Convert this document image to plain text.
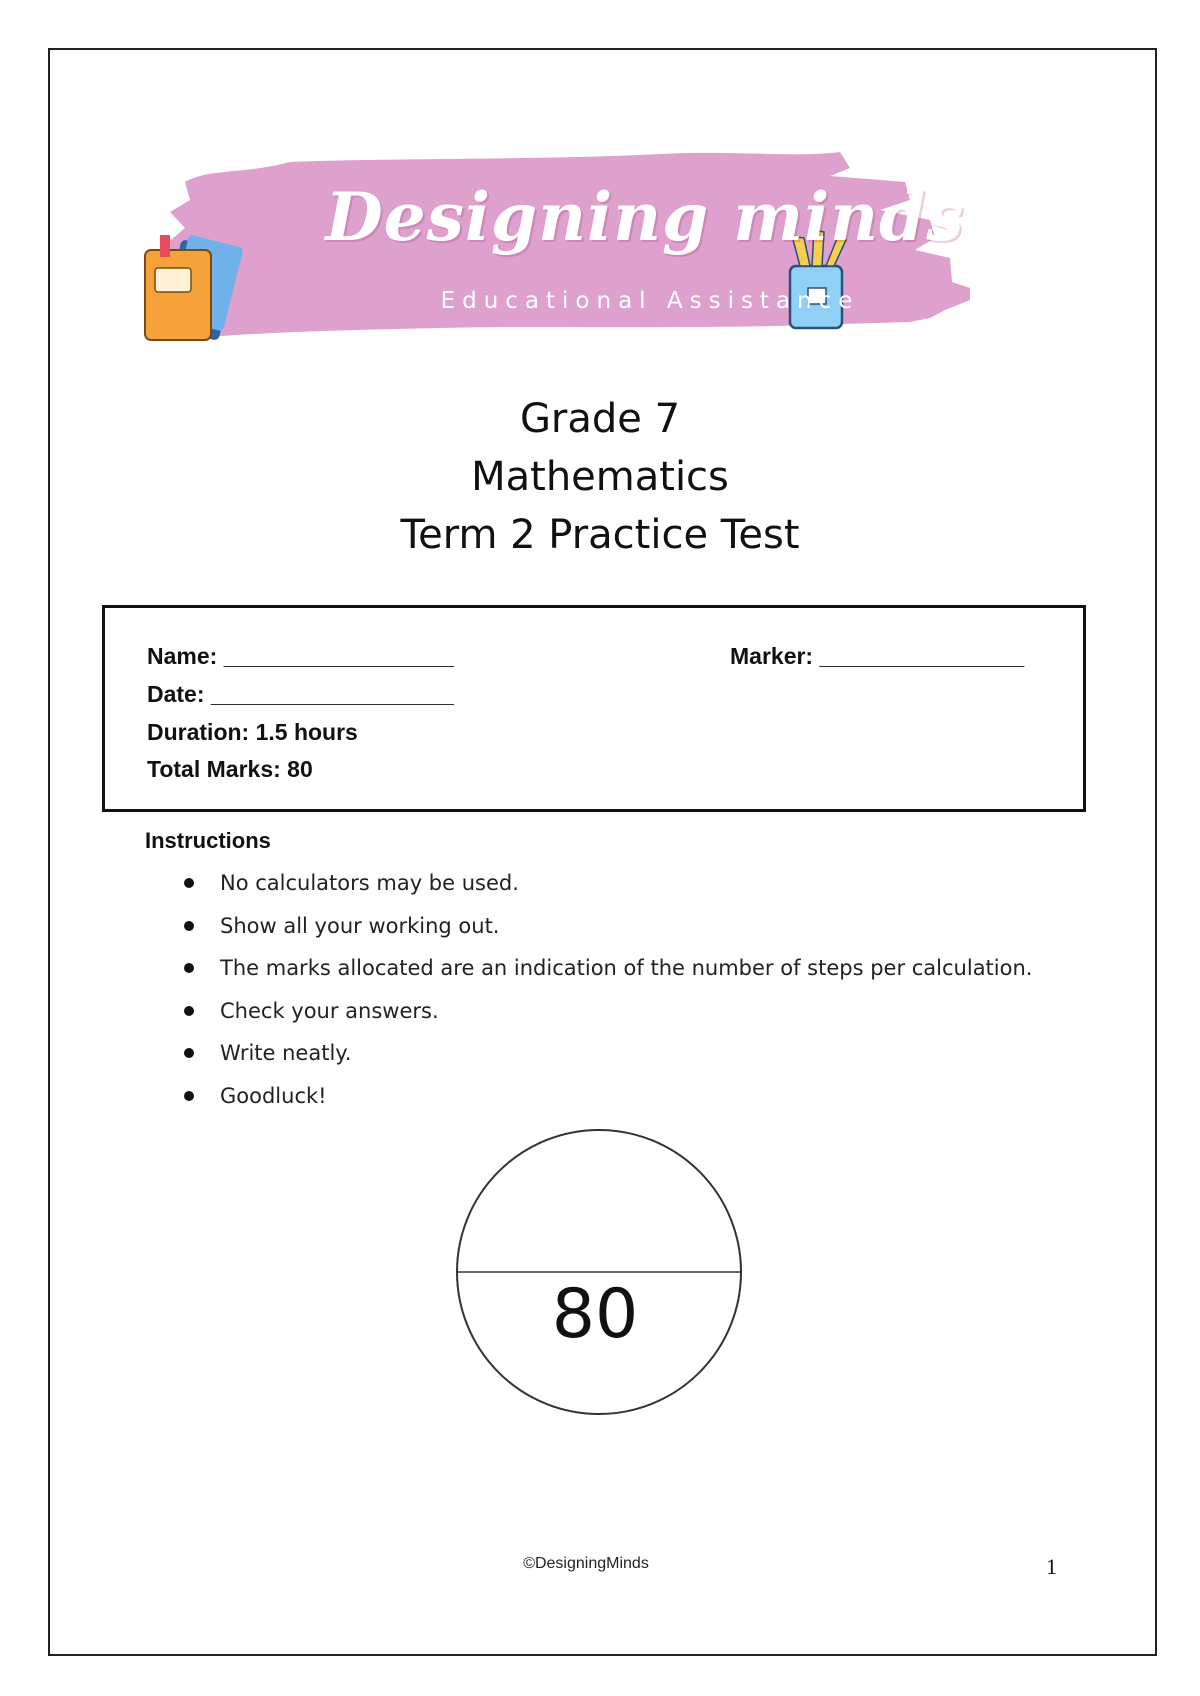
Designing minds
Educational Assistance
Grade 7
Mathematics
Term 2 Practice Test
Name: __________________	Marker: ________________
Date: ___________________
Duration: 1.5 hours
Total Marks: 80
Instructions
No calculators may be used.
Show all your working out.
The marks allocated are an indication of the number of steps per calculation.
Check your answers.
Write neatly.
Goodluck!
80
©DesigningMinds	1
